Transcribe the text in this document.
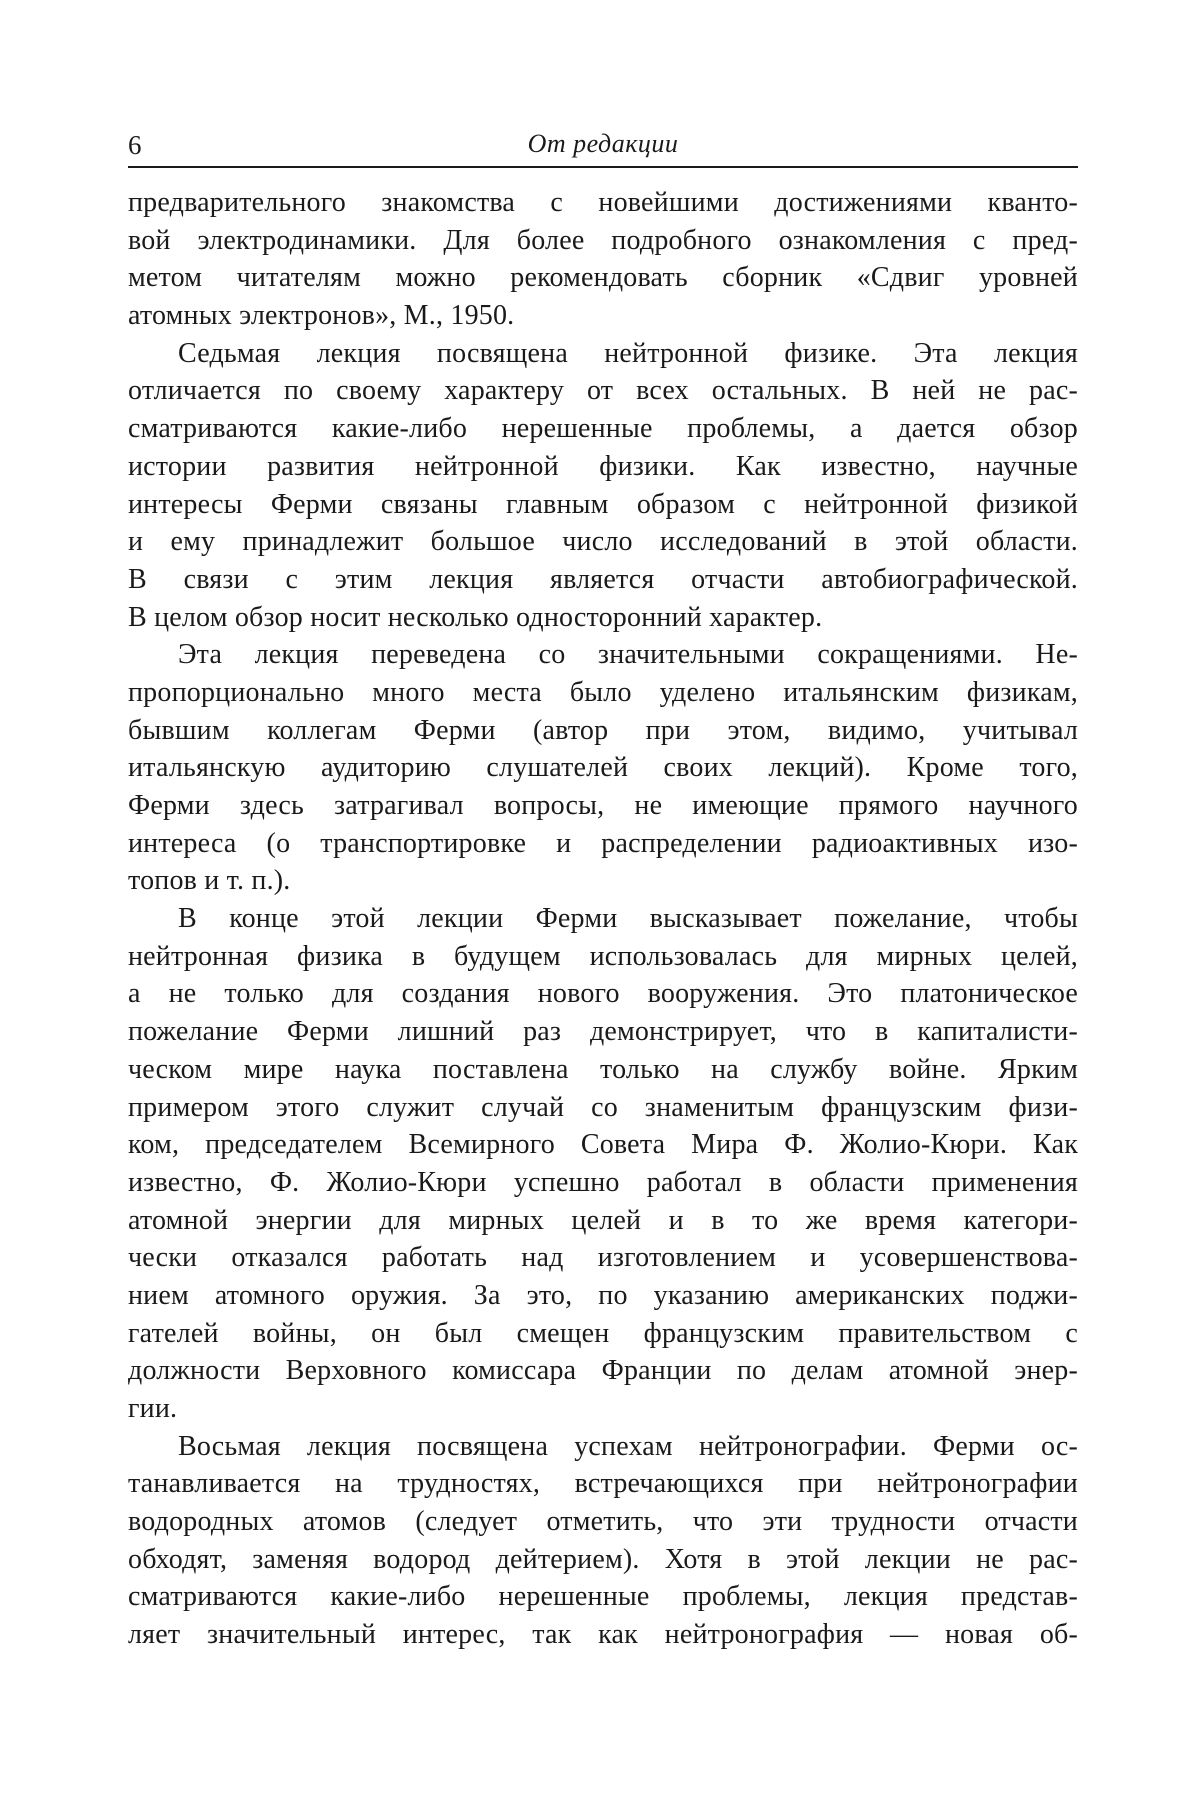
6	От редакции
предварительного знакомства с новейшими достижениями кванто-
вой электродинамики. Для более подробного ознакомления с пред-
метом читателям можно рекомендовать сборник «Сдвиг уровней
атомных электронов», М., 1950.
Седьмая лекция посвящена нейтронной физике. Эта лекция
отличается по своему характеру от всех остальных. В ней не рас-
сматриваются какие-либо нерешенные проблемы, а дается обзор
истории развития нейтронной физики. Как известно, научные
интересы Ферми связаны главным образом с нейтронной физикой
и ему принадлежит большое число исследований в этой области.
В связи с этим лекция является отчасти автобиографической.
В целом обзор носит несколько односторонний характер.
Эта лекция переведена со значительными сокращениями. Не-
пропорционально много места было уделено итальянским физикам,
бывшим коллегам Ферми (автор при этом, видимо, учитывал
итальянскую аудиторию слушателей своих лекций). Кроме того,
Ферми здесь затрагивал вопросы, не имеющие прямого научного
интереса (о транспортировке и распределении радиоактивных изо-
топов и т. п.).
В конце этой лекции Ферми высказывает пожелание, чтобы
нейтронная физика в будущем использовалась для мирных целей,
а не только для создания нового вооружения. Это платоническое
пожелание Ферми лишний раз демонстрирует, что в капиталисти-
ческом мире наука поставлена только на службу войне. Ярким
примером этого служит случай со знаменитым французским физи-
ком, председателем Всемирного Совета Мира Ф. Жолио-Кюри. Как
известно, Ф. Жолио-Кюри успешно работал в области применения
атомной энергии для мирных целей и в то же время категори-
чески отказался работать над изготовлением и усовершенствова-
нием атомного оружия. За это, по указанию американских поджи-
гателей войны, он был смещен французским правительством с
должности Верховного комиссара Франции по делам атомной энер-
гии.
Восьмая лекция посвящена успехам нейтронографии. Ферми ос-
танавливается на трудностях, встречающихся при нейтронографии
водородных атомов (следует отметить, что эти трудности отчасти
обходят, заменяя водород дейтерием). Хотя в этой лекции не рас-
сматриваются какие-либо нерешенные проблемы, лекция представ-
ляет значительный интерес, так как нейтронография — новая об-
